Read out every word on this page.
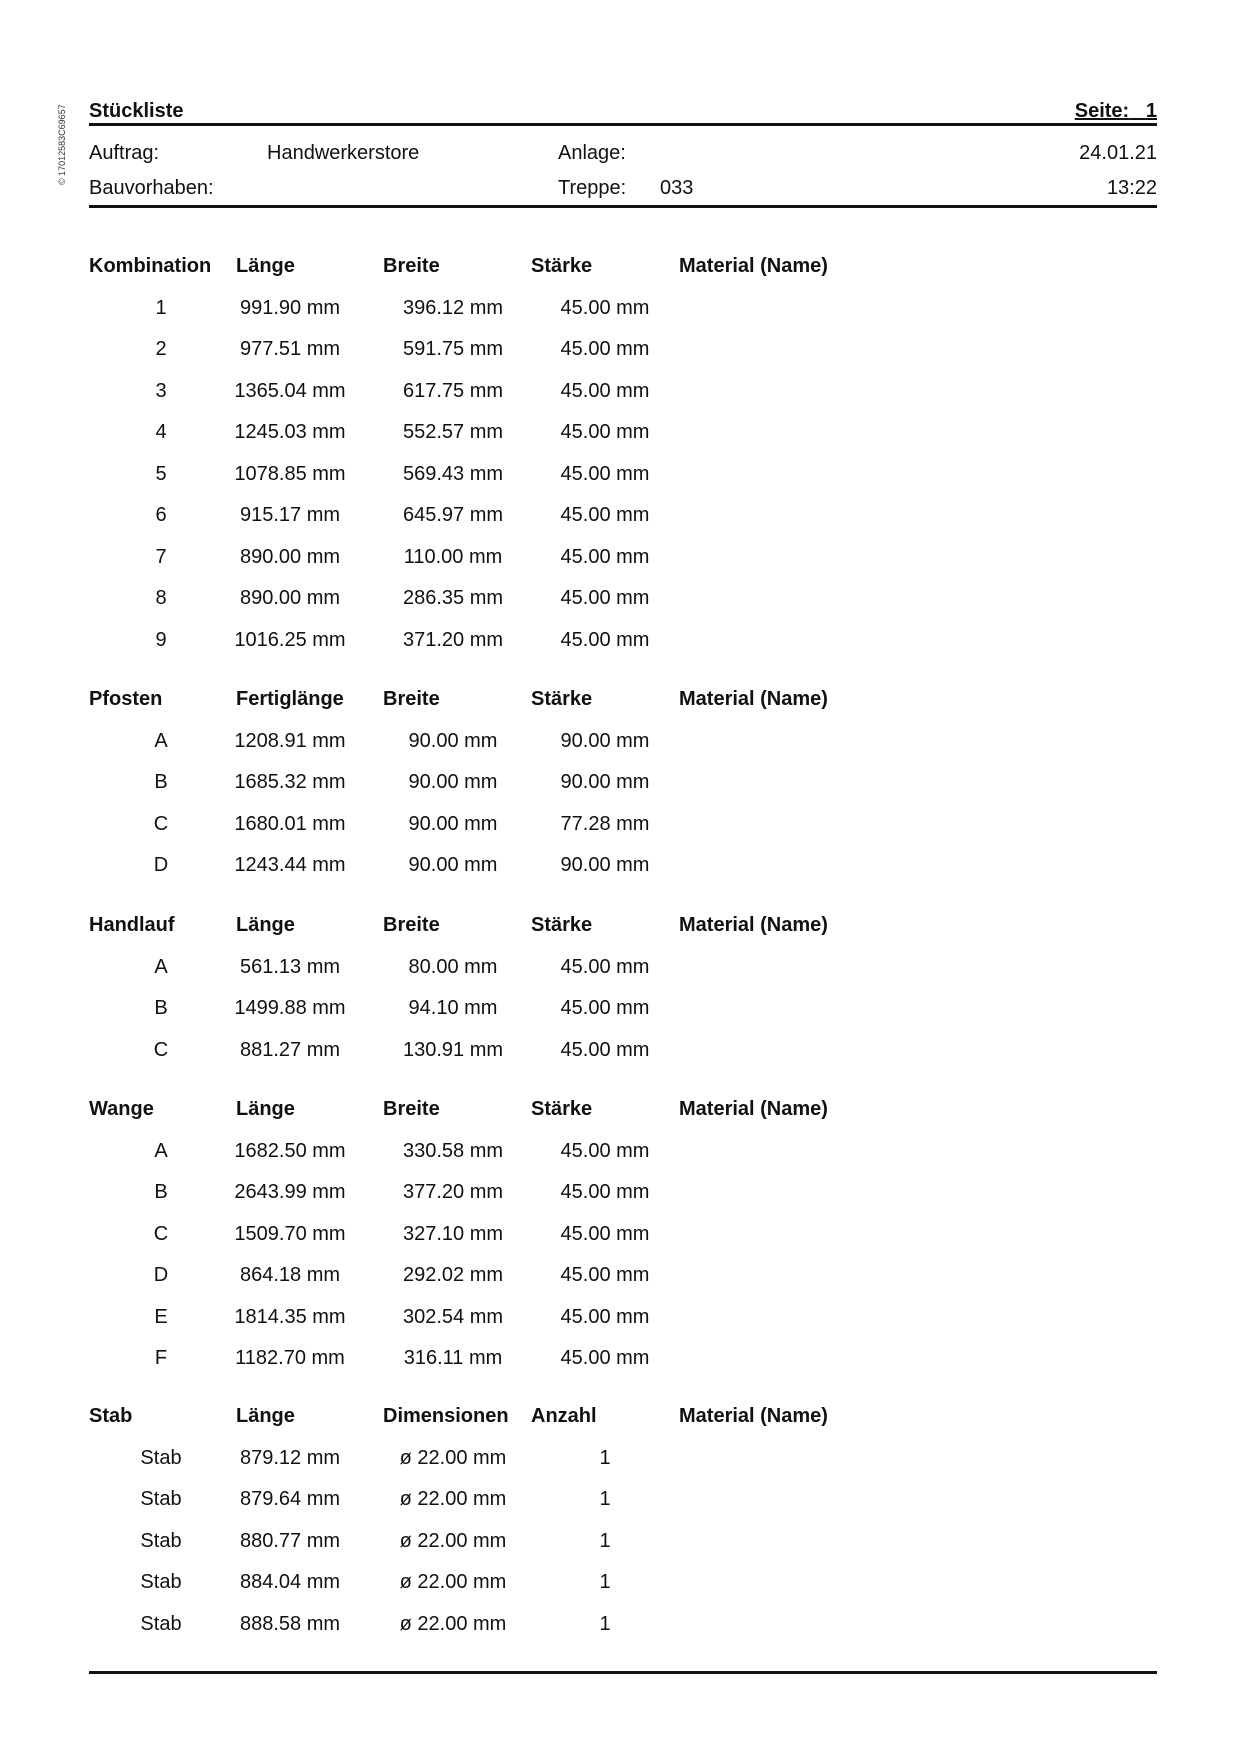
© 17012583C69657 Stückliste	Seite: 1
Auftrag:	Handwerkerstore	Anlage:	24.01.21
Bauvorhaben:	Treppe: 033	13:22
Kombination Länge	Breite	Stärke	Material (Name)
1	991.90 mm	396.12 mm	45.00 mm
2	977.51 mm	591.75 mm	45.00 mm
3	1365.04 mm	617.75 mm	45.00 mm
4	1245.03 mm	552.57 mm	45.00 mm
5	1078.85 mm	569.43 mm	45.00 mm
6	915.17 mm	645.97 mm	45.00 mm
7	890.00 mm	110.00 mm	45.00 mm
8	890.00 mm	286.35 mm	45.00 mm
9	1016.25 mm	371.20 mm	45.00 mm
Pfosten	Fertiglänge Breite	Stärke	Material (Name)
A	1208.91 mm	90.00 mm	90.00 mm
B	1685.32 mm	90.00 mm	90.00 mm
C	1680.01 mm	90.00 mm	77.28 mm
D	1243.44 mm	90.00 mm	90.00 mm
Handlauf	Länge	Breite	Stärke	Material (Name)
A	561.13 mm	80.00 mm	45.00 mm
B	1499.88 mm	94.10 mm	45.00 mm
C	881.27 mm	130.91 mm	45.00 mm
Wange	Länge	Breite	Stärke	Material (Name)
A	1682.50 mm	330.58 mm	45.00 mm
B	2643.99 mm	377.20 mm	45.00 mm
C	1509.70 mm	327.10 mm	45.00 mm
D	864.18 mm	292.02 mm	45.00 mm
E	1814.35 mm	302.54 mm	45.00 mm
F	1182.70 mm	316.11 mm	45.00 mm
Stab	Länge	Dimensionen Anzahl	Material (Name)
Stab	879.12 mm	ø 22.00 mm	1
Stab	879.64 mm	ø 22.00 mm	1
Stab	880.77 mm	ø 22.00 mm	1
Stab	884.04 mm	ø 22.00 mm	1
Stab	888.58 mm	ø 22.00 mm	1
